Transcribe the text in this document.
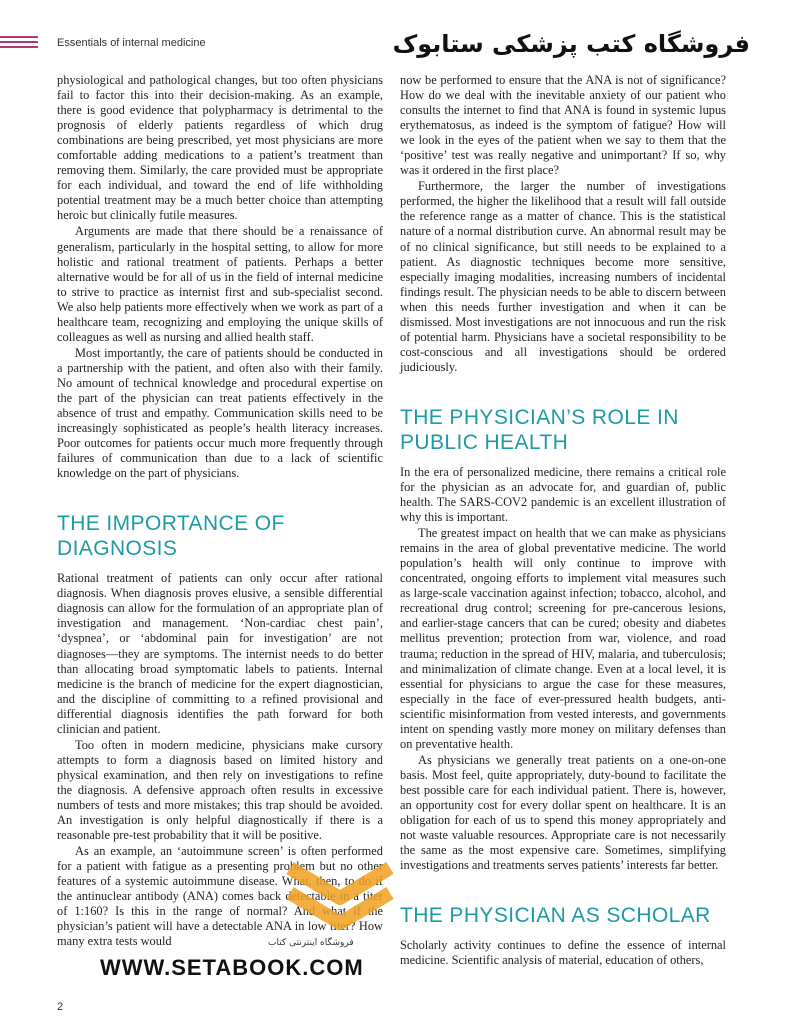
Essentials of internal medicine	فروشگاه کتب پزشکی ستابوک

physiological and pathological changes, but too often physicians fail to factor this into their decision-making. As an example, there is good evidence that polypharmacy is detrimental to the prognosis of elderly patients regardless of which drug combinations are being prescribed, yet most physicians are more comfortable adding medications to a patient’s treatment than removing them. Similarly, the care provided must be appropriate for each individual, and toward the end of life withholding potential treatment may be a much better choice than attempting heroic but clinically futile measures.

Arguments are made that there should be a renaissance of generalism, particularly in the hospital setting, to allow for more holistic and rational treatment of patients. Perhaps a better alternative would be for all of us in the field of internal medicine to strive to practice as internist first and sub-specialist second. We also help patients more effectively when we work as part of a healthcare team, recognizing and employing the unique skills of colleagues as well as nursing and allied health staff.

Most importantly, the care of patients should be conducted in a partnership with the patient, and often also with their family. No amount of technical knowledge and procedural expertise on the part of the physician can treat patients effectively in the absence of trust and empathy. Communication skills need to be increasingly sophisticated as people’s health literacy increases. Poor outcomes for patients occur much more frequently through failures of communication than due to a lack of scientific knowledge on the part of physicians.

THE IMPORTANCE OF DIAGNOSIS

Rational treatment of patients can only occur after rational diagnosis. When diagnosis proves elusive, a sensible differential diagnosis can allow for the formulation of an appropriate plan of investigation and management. ‘Non-cardiac chest pain’, ‘dyspnea’, or ‘abdominal pain for investigation’ are not diagnoses—they are symptoms. The internist needs to do better than allocating broad symptomatic labels to patients. Internal medicine is the branch of medicine for the expert diagnostician, and the discipline of committing to a refined provisional and differential diagnosis identifies the path forward for both clinician and patient.

Too often in modern medicine, physicians make cursory attempts to form a diagnosis based on limited history and physical examination, and then rely on investigations to refine the diagnosis. A defensive approach often results in excessive numbers of tests and more mistakes; this trap should be avoided. An investigation is only helpful diagnostically if there is a reasonable pre-test probability that it will be positive.

As an example, an ‘autoimmune screen’ is often performed for a patient with fatigue as a presenting problem but no other features of a systemic autoimmune disease. What, then, to do if the antinuclear antibody (ANA) comes back detectable in a titer of 1:160? Is this in the range of normal? And what if the physician’s patient will have a detectable ANA in low titer? How many extra tests would

now be performed to ensure that the ANA is not of significance? How do we deal with the inevitable anxiety of our patient who consults the internet to find that ANA is found in systemic lupus erythematosus, as indeed is the symptom of fatigue? How will we look in the eyes of the patient when we say to them that the ‘positive’ test was really negative and unimportant? If so, why was it ordered in the first place?

Furthermore, the larger the number of investigations performed, the higher the likelihood that a result will fall outside the reference range as a matter of chance. This is the statistical nature of a normal distribution curve. An abnormal result may be of no clinical significance, but still needs to be explained to a patient. As diagnostic techniques become more sensitive, especially imaging modalities, increasing numbers of incidental findings result. The physician needs to be able to discern between when this needs further investigation and when it can be dismissed. Most investigations are not innocuous and run the risk of potential harm. Physicians have a societal responsibility to be cost-conscious and all investigations should be ordered judiciously.

THE PHYSICIAN’S ROLE IN PUBLIC HEALTH

In the era of personalized medicine, there remains a critical role for the physician as an advocate for, and guardian of, public health. The SARS-COV2 pandemic is an excellent illustration of why this is important.

The greatest impact on health that we can make as physicians remains in the area of global preventative medicine. The world population’s health will only continue to improve with concentrated, ongoing efforts to implement vital measures such as large-scale vaccination against infection; tobacco, alcohol, and recreational drug control; screening for pre-cancerous lesions, and earlier-stage cancers that can be cured; obesity and diabetes mellitus prevention; protection from war, violence, and road trauma; reduction in the spread of HIV, malaria, and tuberculosis; and minimalization of climate change. Even at a local level, it is essential for physicians to argue the case for these measures, especially in the face of ever-pressured health budgets, anti-scientific misinformation from vested interests, and governments intent on spending vastly more money on military defenses than on preventative health.

As physicians we generally treat patients on a one-on-one basis. Most feel, quite appropriately, duty-bound to facilitate the best possible care for each individual patient. There is, however, an opportunity cost for every dollar spent on healthcare. It is an obligation for each of us to spend this money appropriately and not waste valuable resources. Appropriate care is not necessarily the same as the most expensive care. Sometimes, simplifying investigations and treatments serves patients’ interests far better.

THE PHYSICIAN AS SCHOLAR

Scholarly activity continues to define the essence of internal medicine. Scientific analysis of material, education of others,

فروشگاه اینترنتی کتاب
WWW.SETABOOK.COM
2
